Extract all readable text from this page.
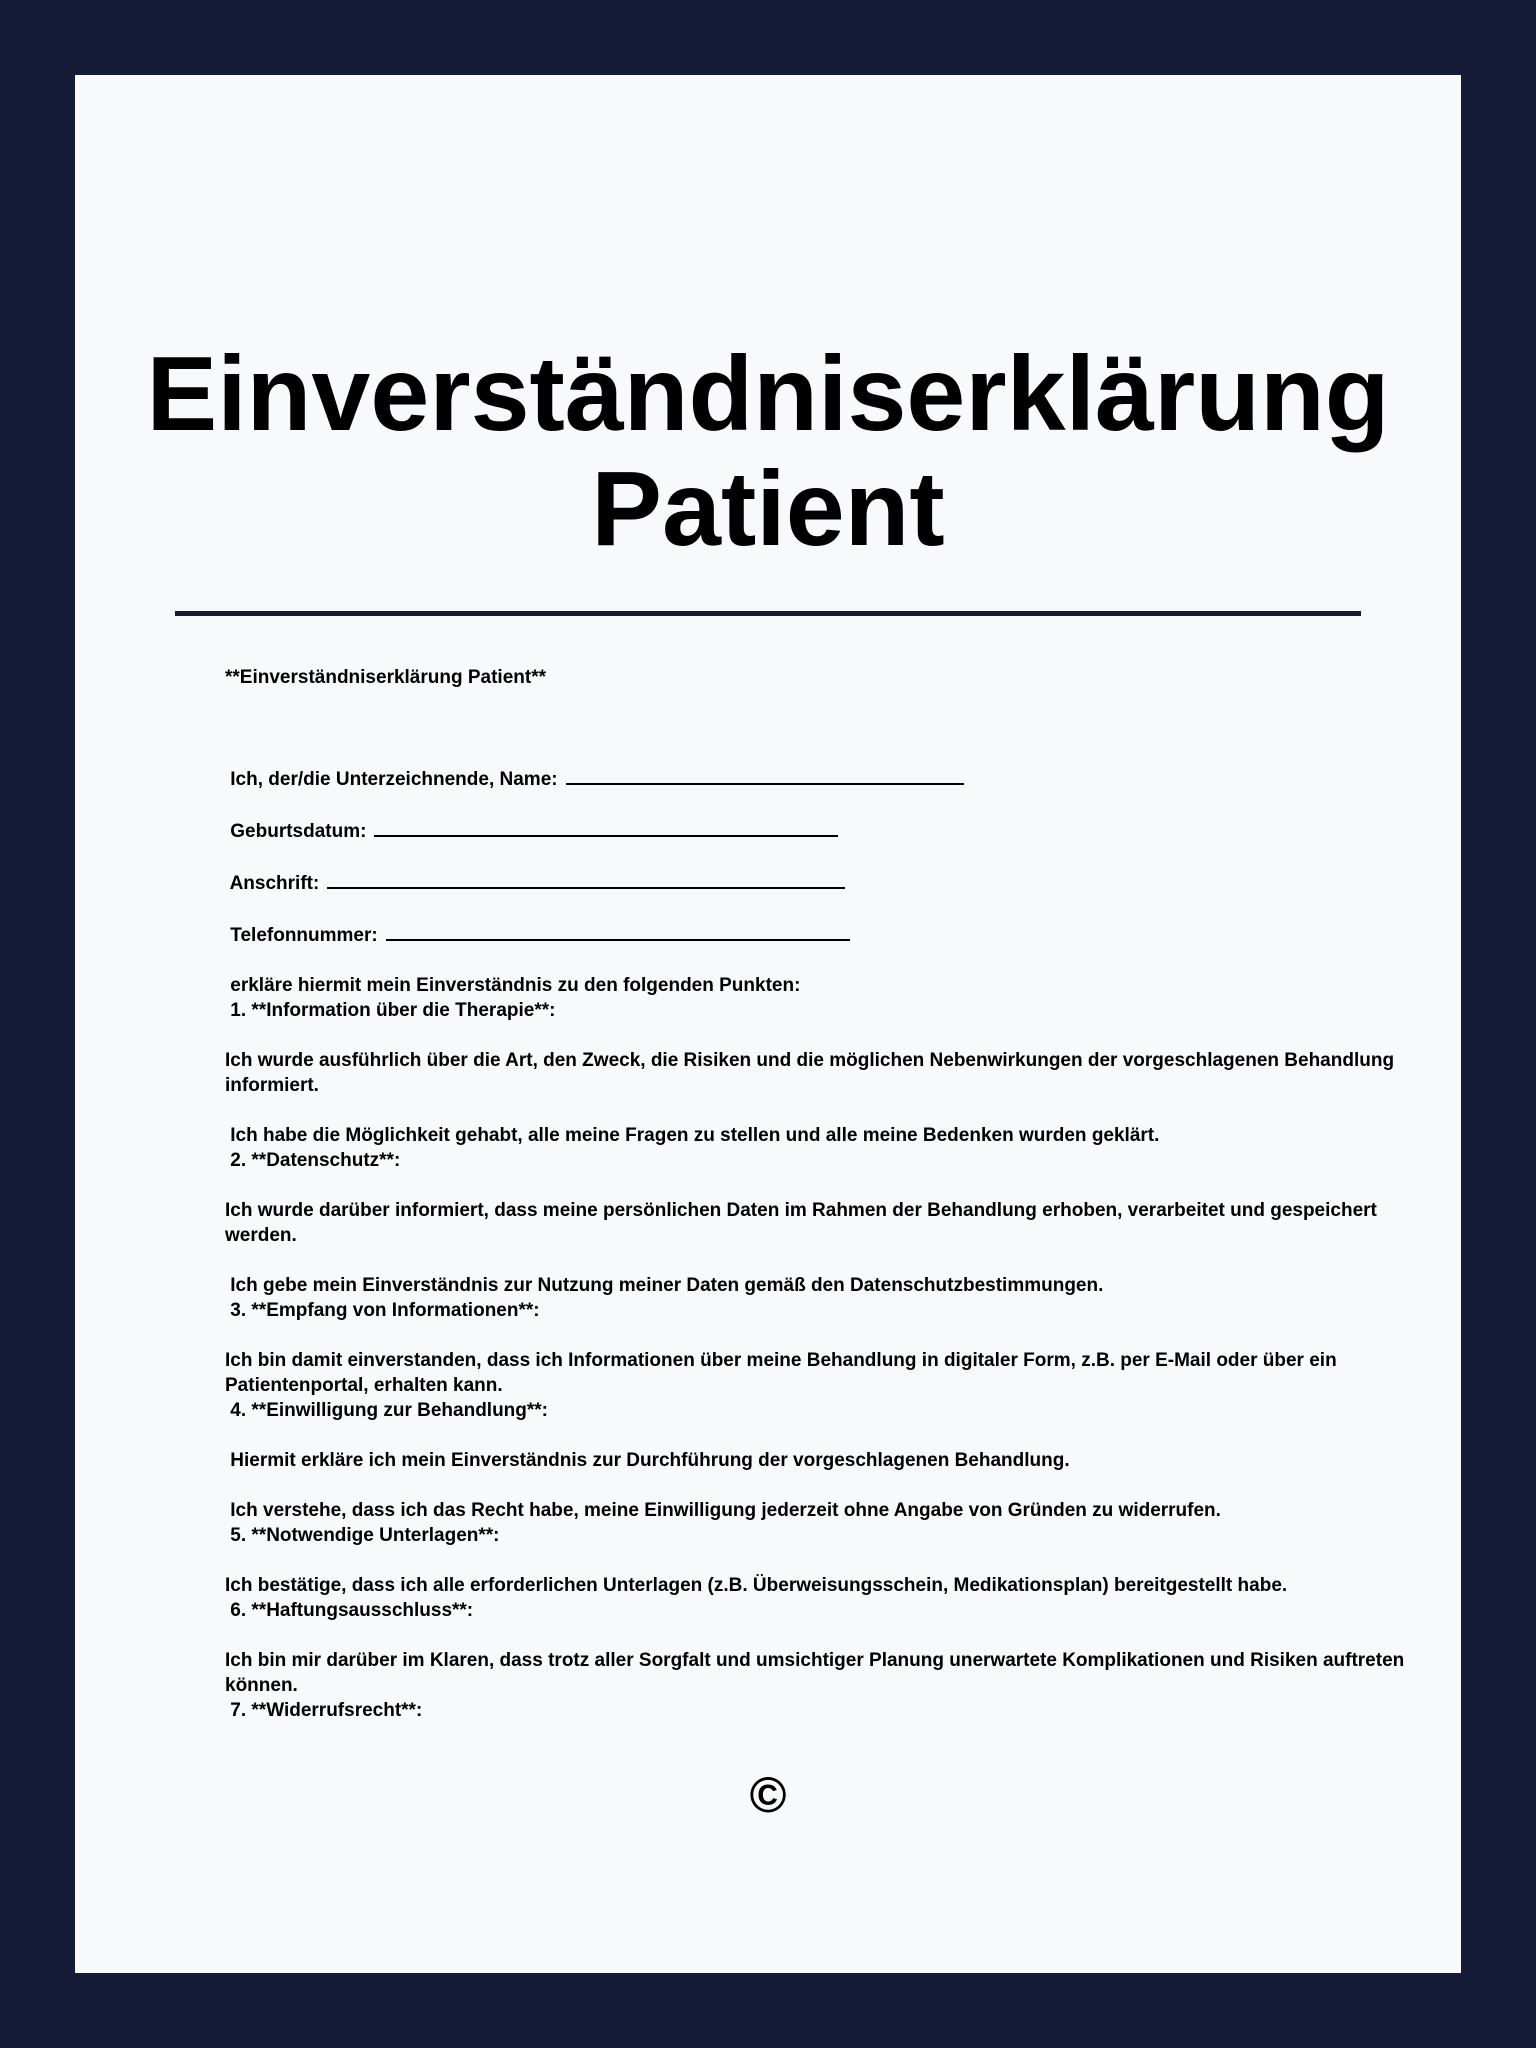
Einverständniserklärung
Patient

**Einverständniserklärung Patient**

Ich, der/die Unterzeichnende, Name:
Geburtsdatum:
Anschrift:
Telefonnummer:

erkläre hiermit mein Einverständnis zu den folgenden Punkten:

1. **Information über die Therapie**:

Ich wurde ausführlich über die Art, den Zweck, die Risiken und die möglichen Nebenwirkungen der vorgeschlagenen Behandlung informiert.

Ich habe die Möglichkeit gehabt, alle meine Fragen zu stellen und alle meine Bedenken wurden geklärt.

2. **Datenschutz**:

Ich wurde darüber informiert, dass meine persönlichen Daten im Rahmen der Behandlung erhoben, verarbeitet und gespeichert werden.

Ich gebe mein Einverständnis zur Nutzung meiner Daten gemäß den Datenschutzbestimmungen.

3. **Empfang von Informationen**:

Ich bin damit einverstanden, dass ich Informationen über meine Behandlung in digitaler Form, z.B. per E-Mail oder über ein Patientenportal, erhalten kann.

4. **Einwilligung zur Behandlung**:

Hiermit erkläre ich mein Einverständnis zur Durchführung der vorgeschlagenen Behandlung.

Ich verstehe, dass ich das Recht habe, meine Einwilligung jederzeit ohne Angabe von Gründen zu widerrufen.

5. **Notwendige Unterlagen**:

Ich bestätige, dass ich alle erforderlichen Unterlagen (z.B. Überweisungsschein, Medikationsplan) bereitgestellt habe.

6. **Haftungsausschluss**:

Ich bin mir darüber im Klaren, dass trotz aller Sorgfalt und umsichtiger Planung unerwartete Komplikationen und Risiken auftreten können.

7. **Widerrufsrecht**:

©
